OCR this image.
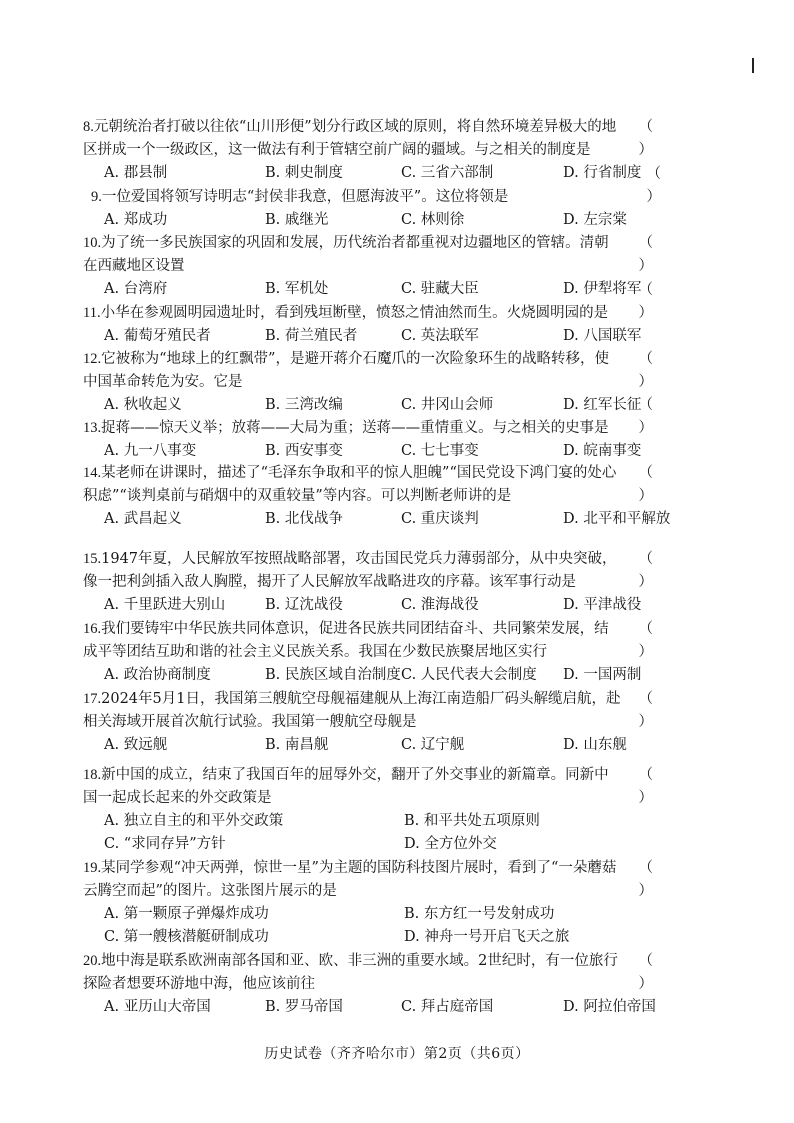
8.元朝统治者打破以往依“山川形便”划分行政区域的原则，将自然环境差异极大的地区拼成一个一级政区，这一做法有利于管辖空前广阔的疆域。与之相关的制度是
（ ）
A. 郡县制	B. 刺史制度	C. 三省六部制	D. 行省制度
9.一位爱国将领写诗明志“封侯非我意，但愿海波平”。这位将领是
（ ）
A. 郑成功	B. 戚继光	C. 林则徐	D. 左宗棠
10.为了统一多民族国家的巩固和发展，历代统治者都重视对边疆地区的管辖。清朝在西藏地区设置
（ ）
A. 台湾府	B. 军机处	C. 驻藏大臣	D. 伊犁将军
11.小华在参观圆明园遗址时，看到残垣断壁，愤怒之情油然而生。火烧圆明园的是
（ ）
A. 葡萄牙殖民者	B. 荷兰殖民者	C. 英法联军	D. 八国联军
12.它被称为“地球上的红飘带”，是避开蒋介石魔爪的一次险象环生的战略转移，使中国革命转危为安。它是
（ ）
A. 秋收起义	B. 三湾改编	C. 井冈山会师	D. 红军长征
13.捉蒋——惊天义举；放蒋——大局为重；送蒋——重情重义。与之相关的史事是
（ ）
A. 九一八事变	B. 西安事变	C. 七七事变	D. 皖南事变
14.某老师在讲课时，描述了“毛泽东争取和平的惊人胆魄”“国民党设下鸿门宴的处心积虑”“谈判桌前与硝烟中的双重较量”等内容。可以判断老师讲的是
（ ）
A. 武昌起义	B. 北伐战争	C. 重庆谈判	D. 北平和平解放
15.1947年夏，人民解放军按照战略部署，攻击国民党兵力薄弱部分，从中央突破，像一把利剑插入敌人胸膛，揭开了人民解放军战略进攻的序幕。该军事行动是
（ ）
A. 千里跃进大别山	B. 辽沈战役	C. 淮海战役	D. 平津战役
16.我们要铸牢中华民族共同体意识，促进各民族共同团结奋斗、共同繁荣发展，结成平等团结互助和谐的社会主义民族关系。我国在少数民族聚居地区实行
（ ）
A. 政治协商制度	B. 民族区域自治制度 C. 人民代表大会制度	D. 一国两制
17.2024年5月1日，我国第三艘航空母舰福建舰从上海江南造船厂码头解缆启航，赴相关海域开展首次航行试验。我国第一艘航空母舰是
（ ）
A. 致远舰	B. 南昌舰	C. 辽宁舰	D. 山东舰
18.新中国的成立，结束了我国百年的屈辱外交，翻开了外交事业的新篇章。同新中国一起成长起来的外交政策是
（ ）
A. 独立自主的和平外交政策	B. 和平共处五项原则
C. “求同存异”方针	D. 全方位外交
19.某同学参观“冲天两弹，惊世一星”为主题的国防科技图片展时，看到了“一朵蘑菇云腾空而起”的图片。这张图片展示的是
（ ）
A. 第一颗原子弹爆炸成功	B. 东方红一号发射成功
C. 第一艘核潜艇研制成功	D. 神舟一号开启飞天之旅
20.地中海是联系欧洲南部各国和亚、欧、非三洲的重要水域。2世纪时，有一位旅行探险者想要环游地中海，他应该前往
（ ）
A. 亚历山大帝国	B. 罗马帝国	C. 拜占庭帝国	D. 阿拉伯帝国
历史试卷（齐齐哈尔市）第2页（共6页）
